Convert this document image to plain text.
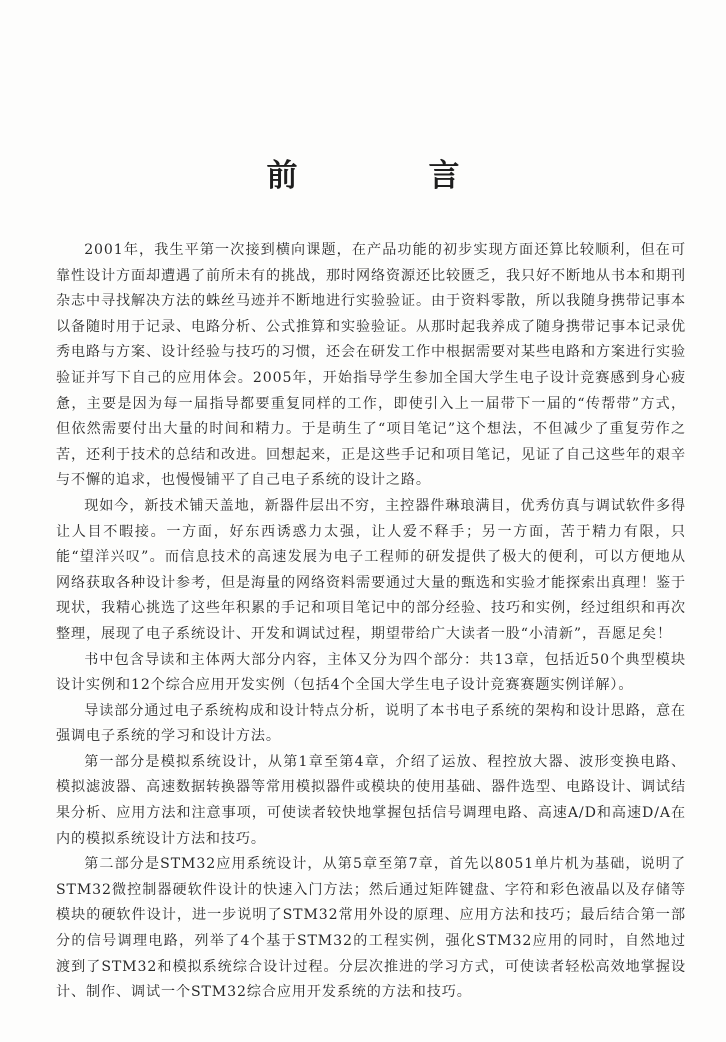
前　言

2001年，我生平第一次接到横向课题，在产品功能的初步实现方面还算比较顺利，但在可靠性设计方面却遭遇了前所未有的挑战，那时网络资源还比较匮乏，我只好不断地从书本和期刊杂志中寻找解决方法的蛛丝马迹并不断地进行实验验证。由于资料零散，所以我随身携带记事本以备随时用于记录、电路分析、公式推算和实验验证。从那时起我养成了随身携带记事本记录优秀电路与方案、设计经验与技巧的习惯，还会在研发工作中根据需要对某些电路和方案进行实验验证并写下自己的应用体会。2005年，开始指导学生参加全国大学生电子设计竞赛感到身心疲惫，主要是因为每一届指导都要重复同样的工作，即使引入上一届带下一届的“传帮带”方式，但依然需要付出大量的时间和精力。于是萌生了“项目笔记”这个想法，不但减少了重复劳作之苦，还利于技术的总结和改进。回想起来，正是这些手记和项目笔记，见证了自己这些年的艰辛与不懈的追求，也慢慢铺平了自己电子系统的设计之路。

现如今，新技术铺天盖地，新器件层出不穷，主控器件琳琅满目，优秀仿真与调试软件多得让人目不暇接。一方面，好东西诱惑力太强，让人爱不释手；另一方面，苦于精力有限，只能“望洋兴叹”。而信息技术的高速发展为电子工程师的研发提供了极大的便利，可以方便地从网络获取各种设计参考，但是海量的网络资料需要通过大量的甄选和实验才能探索出真理！鉴于现状，我精心挑选了这些年积累的手记和项目笔记中的部分经验、技巧和实例，经过组织和再次整理，展现了电子系统设计、开发和调试过程，期望带给广大读者一股“小清新”，吾愿足矣！

书中包含导读和主体两大部分内容，主体又分为四个部分：共13章，包括近50个典型模块设计实例和12个综合应用开发实例（包括4个全国大学生电子设计竞赛赛题实例详解）。

导读部分通过电子系统构成和设计特点分析，说明了本书电子系统的架构和设计思路，意在强调电子系统的学习和设计方法。

第一部分是模拟系统设计，从第1章至第4章，介绍了运放、程控放大器、波形变换电路、模拟滤波器、高速数据转换器等常用模拟器件或模块的使用基础、器件选型、电路设计、调试结果分析、应用方法和注意事项，可使读者较快地掌握包括信号调理电路、高速A/D和高速D/A在内的模拟系统设计方法和技巧。

第二部分是STM32应用系统设计，从第5章至第7章，首先以8051单片机为基础，说明了STM32微控制器硬软件设计的快速入门方法；然后通过矩阵键盘、字符和彩色液晶以及存储等模块的硬软件设计，进一步说明了STM32常用外设的原理、应用方法和技巧；最后结合第一部分的信号调理电路，列举了4个基于STM32的工程实例，强化STM32应用的同时，自然地过渡到了STM32和模拟系统综合设计过程。分层次推进的学习方式，可使读者轻松高效地掌握设计、制作、调试一个STM32综合应用开发系统的方法和技巧。
